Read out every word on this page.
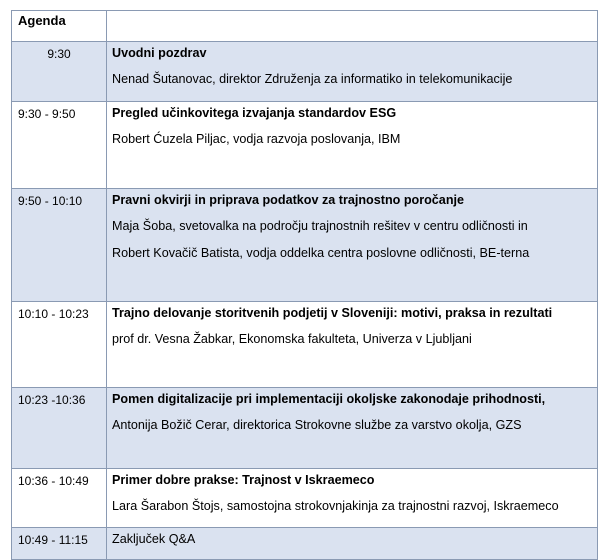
Agenda	
9:30	Uvodni pozdrav
Nenad Šutanovac, direktor Združenja za informatiko in telekomunikacije

9:30 - 9:50	Pregled učinkovitega izvajanja standardov ESG
Robert Ćuzela Piljac, vodja razvoja poslovanja, IBM

9:50 - 10:10	Pravni okvirji in priprava podatkov za trajnostno poročanje
Maja Šoba, svetovalka na področju trajnostnih rešitev v centru odličnosti in
Robert Kovačič Batista, vodja oddelka centra poslovne odličnosti, BE-terna

10:10 - 10:23	Trajno delovanje storitvenih podjetij v Sloveniji: motivi, praksa in rezultati
prof dr. Vesna Žabkar, Ekonomska fakulteta, Univerza v Ljubljani

10:23 -10:36	Pomen digitalizacije pri implementaciji okoljske zakonodaje prihodnosti,
Antonija Božič Cerar, direktorica Strokovne službe za varstvo okolja, GZS

10:36 - 10:49	Primer dobre prakse: Trajnost v Iskraemeco
Lara Šarabon Štojs, samostojna strokovnjakinja za trajnostni razvoj, Iskraemeco

10:49 - 11:15	Zaključek Q&A
